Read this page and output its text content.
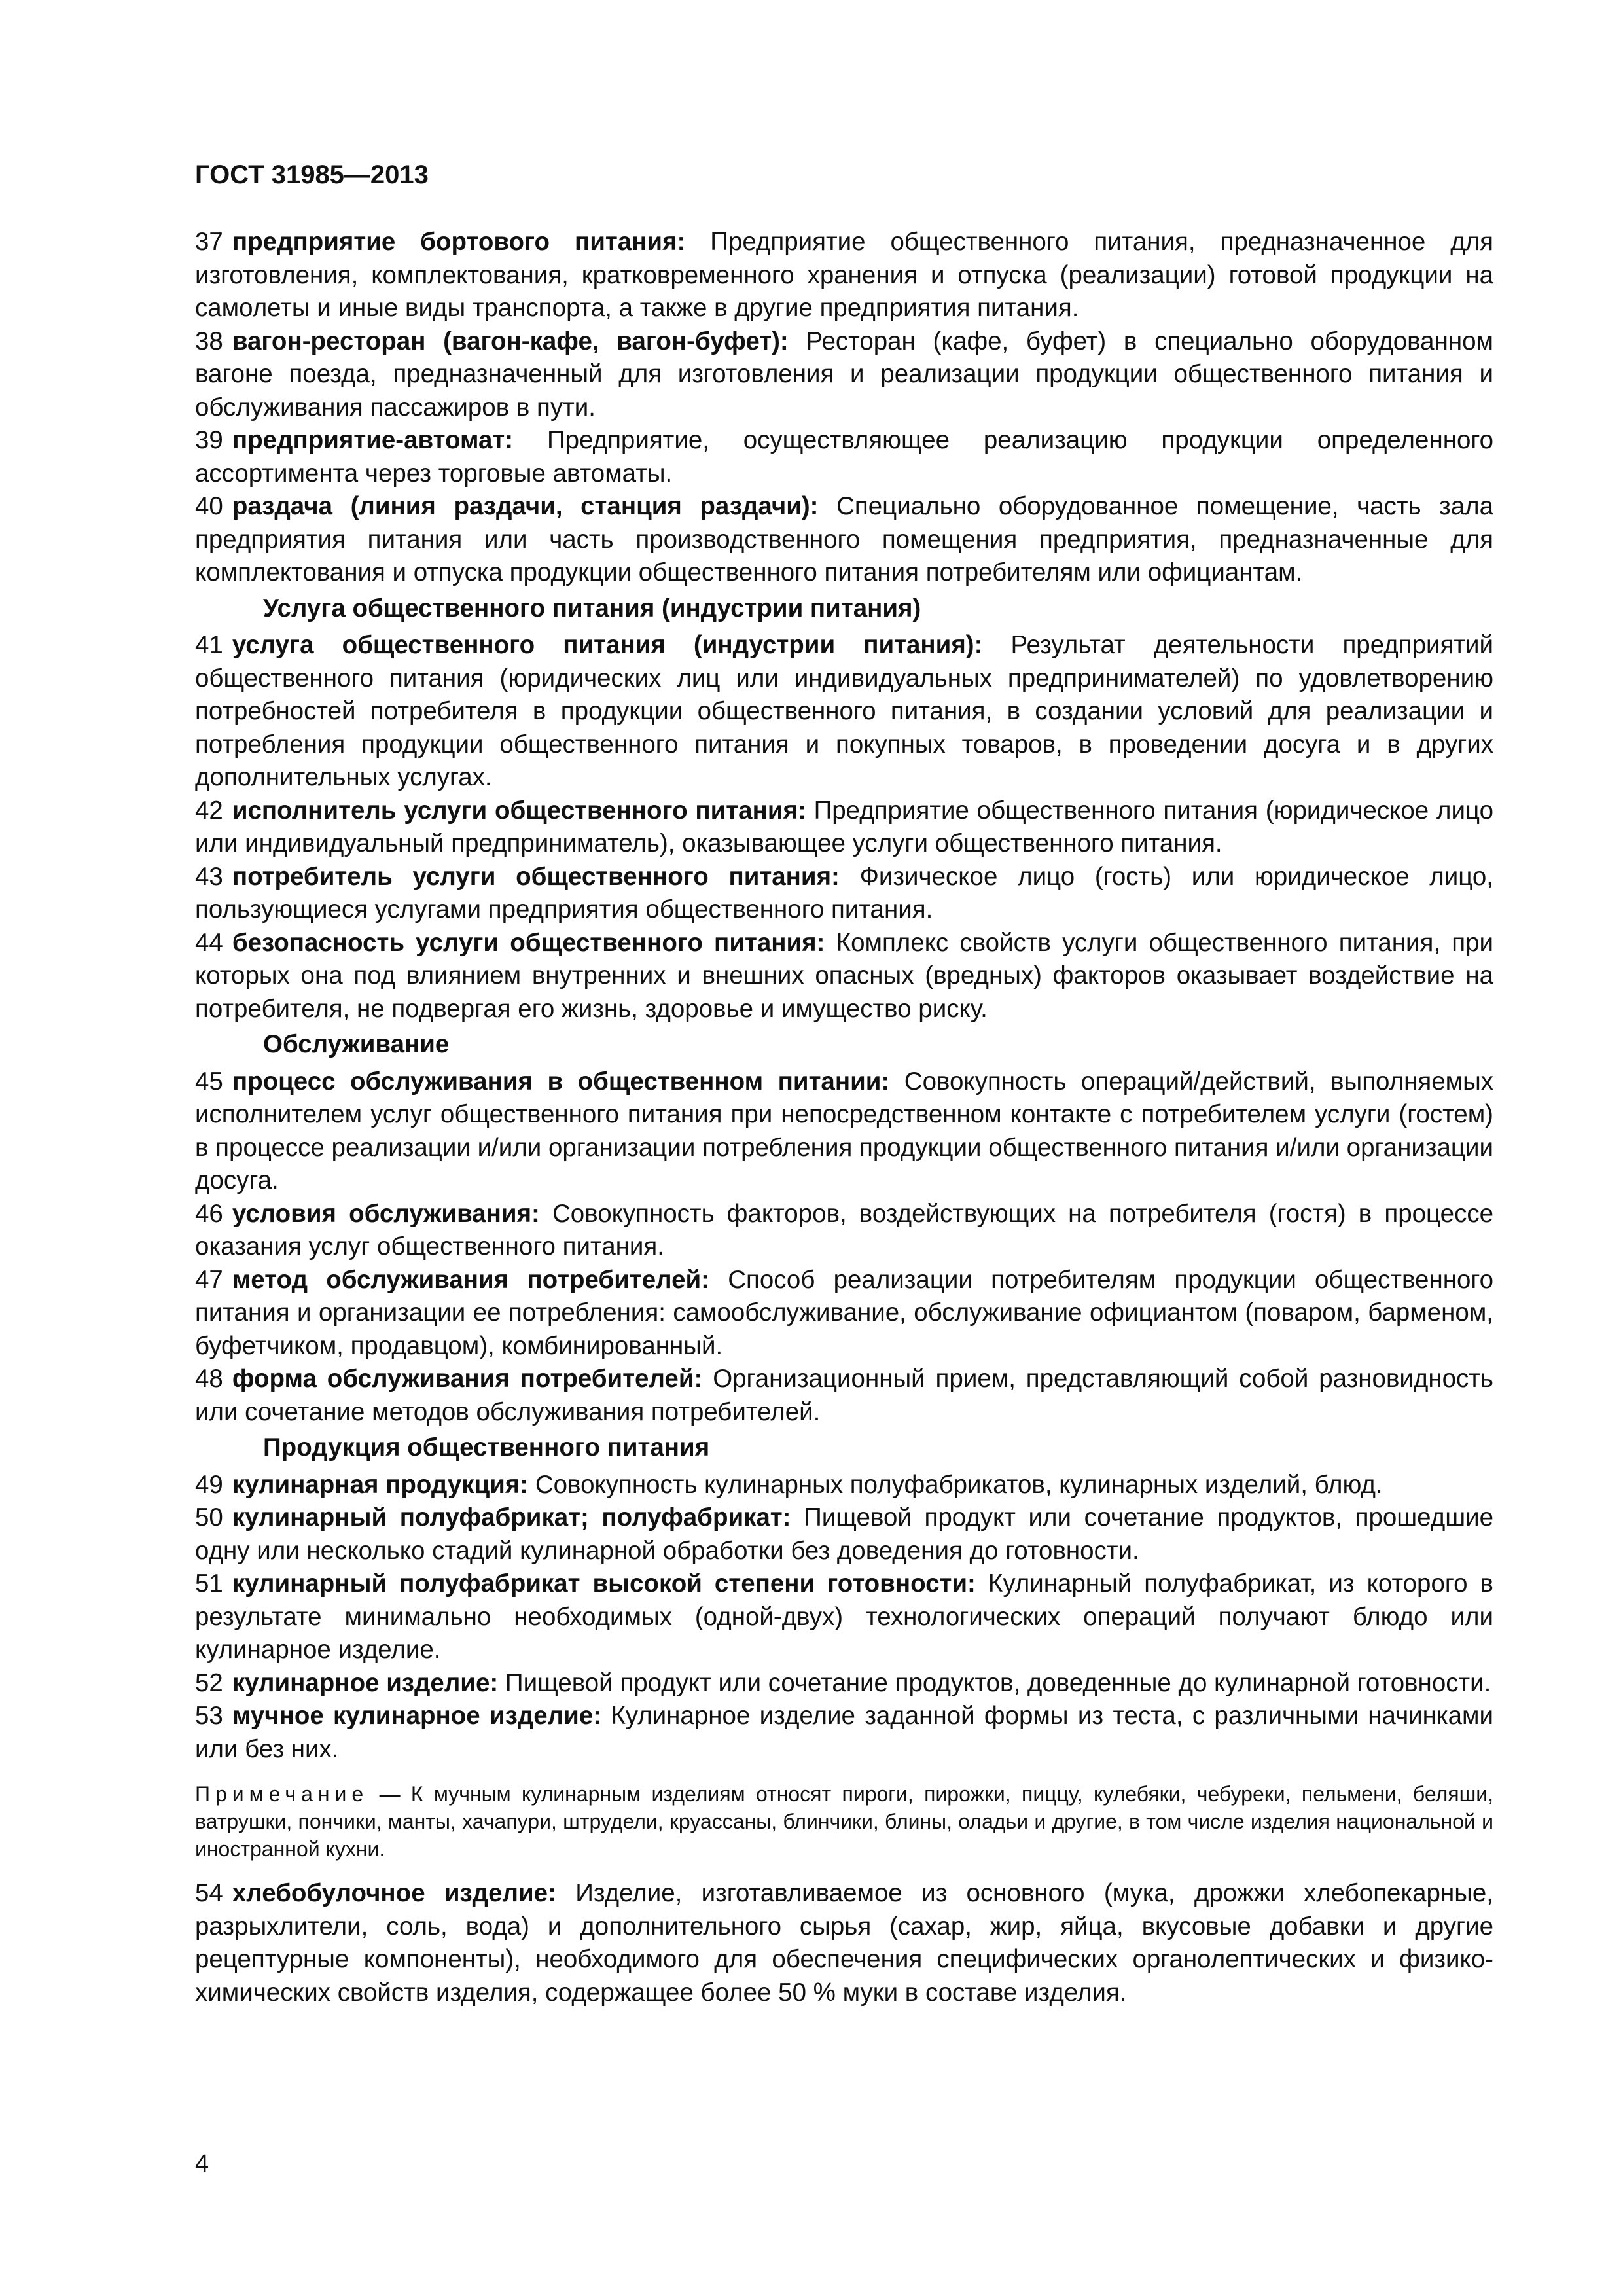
ГОСТ 31985—2013

37 предприятие бортового питания: Предприятие общественного питания, предназначенное для изготовления, комплектования, кратковременного хранения и отпуска (реализации) готовой продукции на самолеты и иные виды транспорта, а также в другие предприятия питания.

38 вагон-ресторан (вагон-кафе, вагон-буфет): Ресторан (кафе, буфет) в специально оборудованном вагоне поезда, предназначенный для изготовления и реализации продукции общественного питания и обслуживания пассажиров в пути.

39 предприятие-автомат: Предприятие, осуществляющее реализацию продукции определенного ассортимента через торговые автоматы.

40 раздача (линия раздачи, станция раздачи): Специально оборудованное помещение, часть зала предприятия питания или часть производственного помещения предприятия, предназначенные для комплектования и отпуска продукции общественного питания потребителям или официантам.

Услуга общественного питания (индустрии питания)

41 услуга общественного питания (индустрии питания): Результат деятельности предприятий общественного питания (юридических лиц или индивидуальных предпринимателей) по удовлетворению потребностей потребителя в продукции общественного питания, в создании условий для реализации и потребления продукции общественного питания и покупных товаров, в проведении досуга и в других дополнительных услугах.

42 исполнитель услуги общественного питания: Предприятие общественного питания (юридическое лицо или индивидуальный предприниматель), оказывающее услуги общественного питания.

43 потребитель услуги общественного питания: Физическое лицо (гость) или юридическое лицо, пользующиеся услугами предприятия общественного питания.

44 безопасность услуги общественного питания: Комплекс свойств услуги общественного питания, при которых она под влиянием внутренних и внешних опасных (вредных) факторов оказывает воздействие на потребителя, не подвергая его жизнь, здоровье и имущество риску.

Обслуживание

45 процесс обслуживания в общественном питании: Совокупность операций/действий, выполняемых исполнителем услуг общественного питания при непосредственном контакте с потребителем услуги (гостем) в процессе реализации и/или организации потребления продукции общественного питания и/или организации досуга.

46 условия обслуживания: Совокупность факторов, воздействующих на потребителя (гостя) в процессе оказания услуг общественного питания.

47 метод обслуживания потребителей: Способ реализации потребителям продукции общественного питания и организации ее потребления: самообслуживание, обслуживание официантом (поваром, барменом, буфетчиком, продавцом), комбинированный.

48 форма обслуживания потребителей: Организационный прием, представляющий собой разновидность или сочетание методов обслуживания потребителей.

Продукция общественного питания

49 кулинарная продукция: Совокупность кулинарных полуфабрикатов, кулинарных изделий, блюд.

50 кулинарный полуфабрикат; полуфабрикат: Пищевой продукт или сочетание продуктов, прошедшие одну или несколько стадий кулинарной обработки без доведения до готовности.

51 кулинарный полуфабрикат высокой степени готовности: Кулинарный полуфабрикат, из которого в результате минимально необходимых (одной-двух) технологических операций получают блюдо или кулинарное изделие.

52 кулинарное изделие: Пищевой продукт или сочетание продуктов, доведенные до кулинарной готовности.

53 мучное кулинарное изделие: Кулинарное изделие заданной формы из теста, с различными начинками или без них.

Примечание — К мучным кулинарным изделиям относят пироги, пирожки, пиццу, кулебяки, чебуреки, пельмени, беляши, ватрушки, пончики, манты, хачапури, штрудели, круассаны, блинчики, блины, оладьи и другие, в том числе изделия национальной и иностранной кухни.

54 хлебобулочное изделие: Изделие, изготавливаемое из основного (мука, дрожжи хлебопекарные, разрыхлители, соль, вода) и дополнительного сырья (сахар, жир, яйца, вкусовые добавки и другие рецептурные компоненты), необходимого для обеспечения специфических органолептических и физико-химических свойств изделия, содержащее более 50 % муки в составе изделия.

4
